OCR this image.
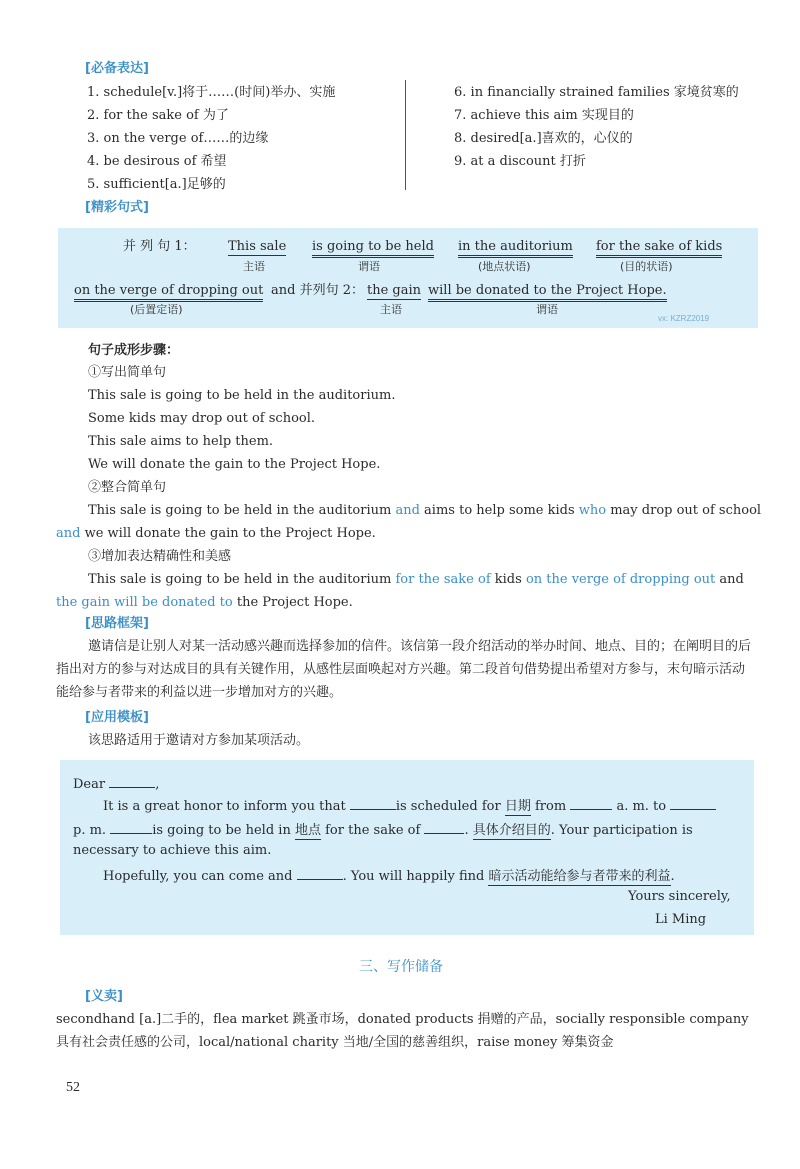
[必备表达]
1. schedule[v.]将于……(时间)举办、实施
2. for the sake of 为了
3. on the verge of……的边缘
4. be desirous of 希望
5. sufficient[a.]足够的
6. in financially strained families 家境贫寒的
7. achieve this aim 实现目的
8. desired[a.]喜欢的，心仪的
9. at a discount 打折
[精彩句式]
并 列 句 1： This sale
主语
is going to be held
谓语
in the auditorium
(地点状语)
for the sake of kids
(目的状语)
on the verge of dropping out
(后置定语)
and 并列句 2： the gain
主语
will be donated to the Project Hope.
谓语
vx: KZRZ2019
句子成形步骤：
①写出简单句
This sale is going to be held in the auditorium.
Some kids may drop out of school.
This sale aims to help them.
We will donate the gain to the Project Hope.
②整合简单句
This sale is going to be held in the auditorium and aims to help some kids who may drop out of school
and we will donate the gain to the Project Hope.
③增加表达精确性和美感
This sale is going to be held in the auditorium for the sake of kids on the verge of dropping out and
the gain will be donated to the Project Hope.
[思路框架]
邀请信是让别人对某一活动感兴趣而选择参加的信件。该信第一段介绍活动的举办时间、地点、目的；在阐明目的后指出对方的参与对达成目的具有关键作用，从感性层面唤起对方兴趣。第二段首句借势提出希望对方参与，末句暗示活动能给参与者带来的利益以进一步增加对方的兴趣。
[应用模板]
该思路适用于邀请对方参加某项活动。
Dear	,
It is a great honor to inform you that	is scheduled for 日期 from	a. m. to
p. m.	is going to be held in 地点 for the sake of	. 具体介绍目的. Your participation is
necessary to achieve this aim.
Hopefully, you can come and	. You will happily find 暗示活动能给参与者带来的利益.
Yours sincerely,
Li Ming
三、写作储备
[义卖]
secondhand [a.]二手的，flea market 跳蚤市场，donated products 捐赠的产品，socially responsible company 具有社会责任感的公司，local/national charity 当地/全国的慈善组织，raise money 筹集资金
52
